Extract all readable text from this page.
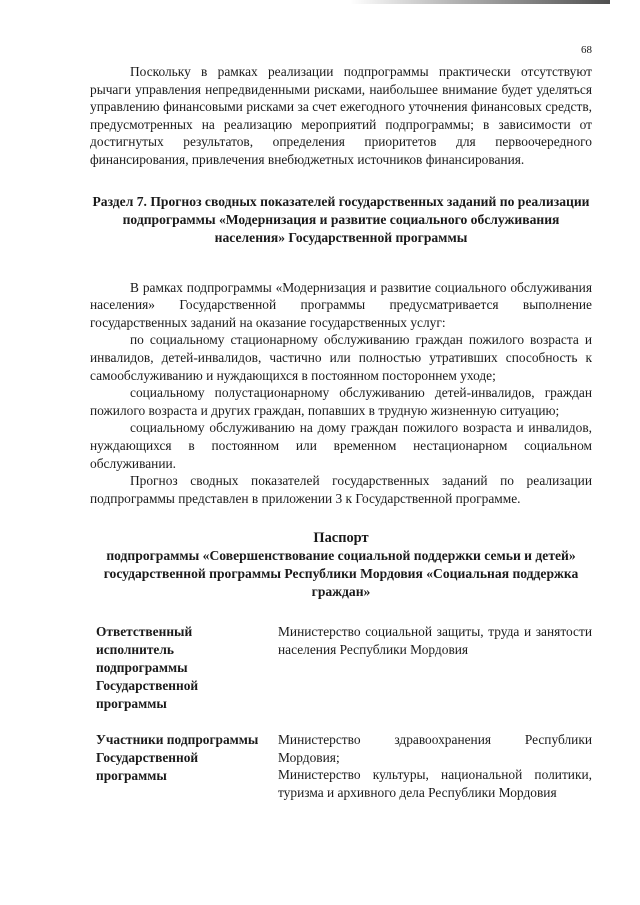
68

Поскольку в рамках реализации подпрограммы практически отсутствуют рычаги управления непредвиденными рисками, наибольшее внимание будет уделяться управлению финансовыми рисками за счет ежегодного уточнения финансовых средств, предусмотренных на реализацию мероприятий подпрограммы; в зависимости от достигнутых результатов, определения приоритетов для первоочередного финансирования, привлечения внебюджетных источников финансирования.

Раздел 7. Прогноз сводных показателей государственных заданий по реализации подпрограммы «Модернизация и развитие социального обслуживания населения» Государственной программы

В рамках подпрограммы «Модернизация и развитие социального обслуживания населения» Государственной программы предусматривается выполнение государственных заданий на оказание государственных услуг:

по социальному стационарному обслуживанию граждан пожилого возраста и инвалидов, детей-инвалидов, частично или полностью утративших способность к самообслуживанию и нуждающихся в постоянном постороннем уходе;

социальному полустационарному обслуживанию детей-инвалидов, граждан пожилого возраста и других граждан, попавших в трудную жизненную ситуацию;

социальному обслуживанию на дому граждан пожилого возраста и инвалидов, нуждающихся в постоянном или временном нестационарном социальном обслуживании.

Прогноз сводных показателей государственных заданий по реализации подпрограммы представлен в приложении 3 к Государственной программе.

Паспорт
подпрограммы «Совершенствование социальной поддержки семьи и детей» государственной программы Республики Мордовия «Социальная поддержка граждан»
Ответственный исполнитель подпрограммы Государственной программы

Министерство социальной защиты, труда и занятости населения Республики Мордовия

Участники подпрограммы Государственной программы

Министерство здравоохранения Республики Мордовия;

Министерство культуры, национальной политики, туризма и архивного дела Республики Мордовия
